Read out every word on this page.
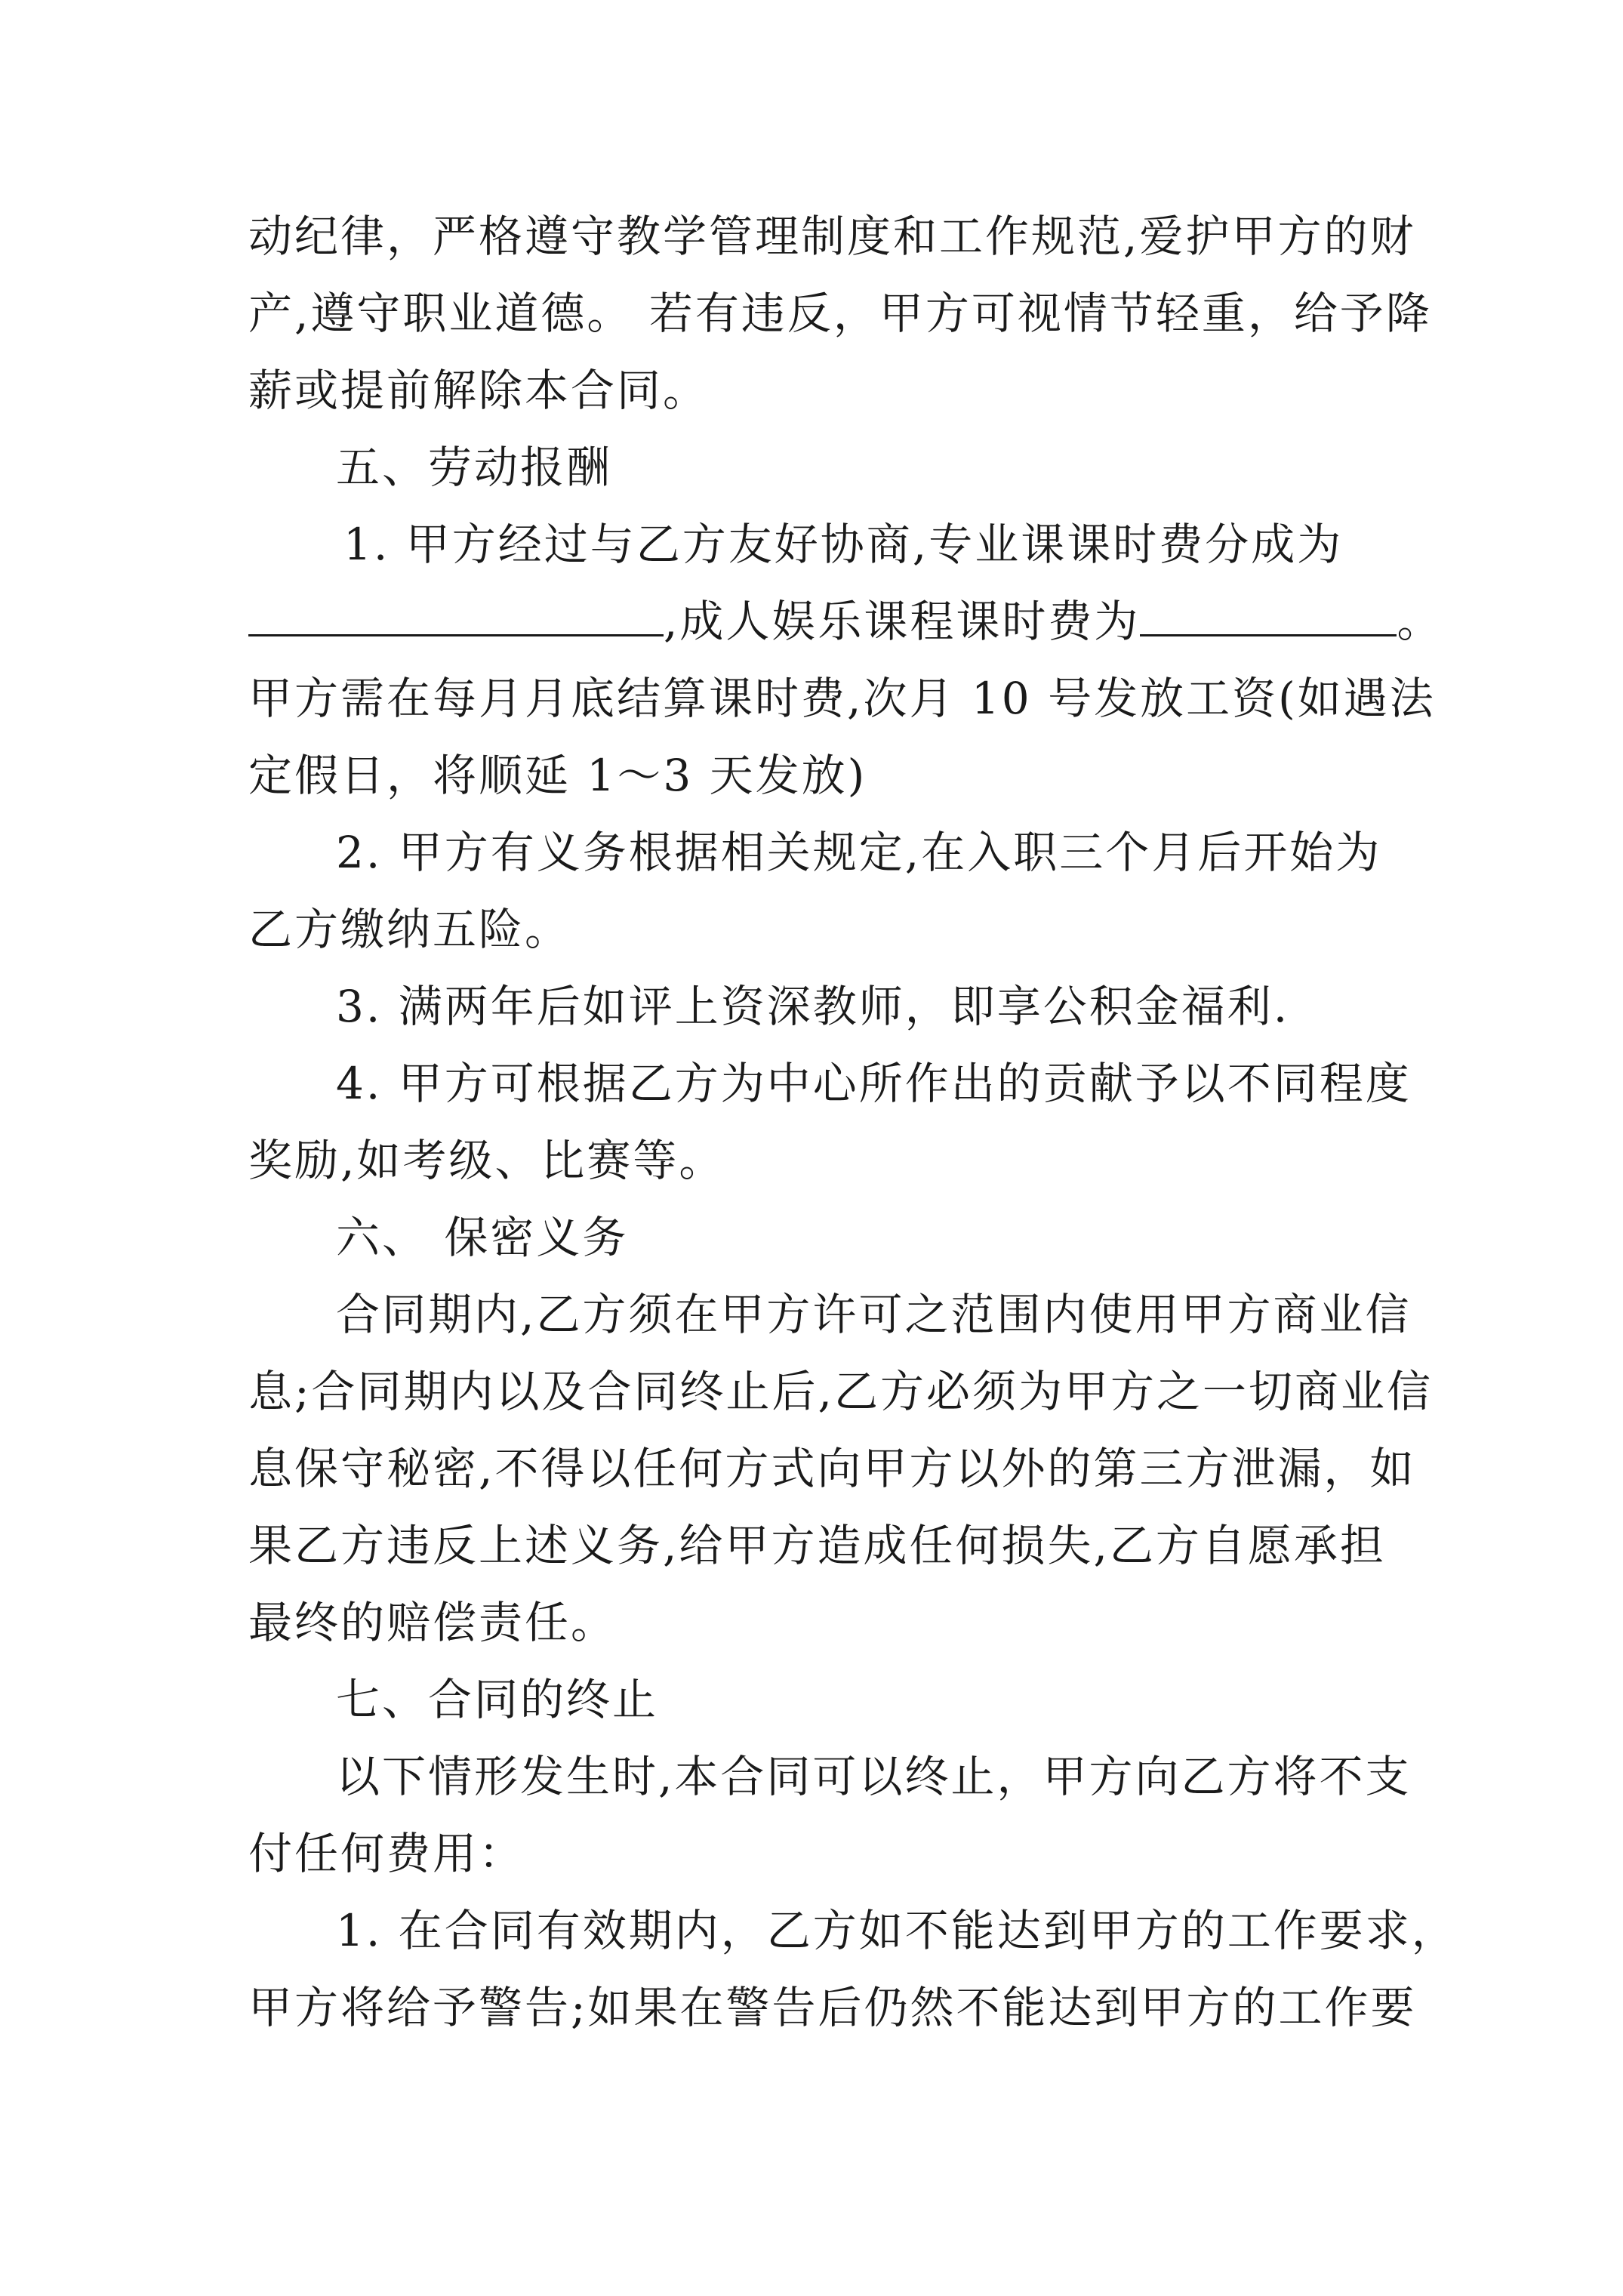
动纪律，严格遵守教学管理制度和工作规范,爱护甲方的财
产,遵守职业道德。 若有违反，甲方可视情节轻重，给予降
薪或提前解除本合同。
五、劳动报酬
1. 甲方经过与乙方友好协商,专业课课时费分成为
,成人娱乐课程课时费为	。
甲方需在每月月底结算课时费,次月 10 号发放工资(如遇法
定假日，将顺延 1～3 天发放)
2. 甲方有义务根据相关规定,在入职三个月后开始为
乙方缴纳五险。
3. 满两年后如评上资深教师，即享公积金福利.
4. 甲方可根据乙方为中心所作出的贡献予以不同程度
奖励,如考级、比赛等。
六、 保密义务
合同期内,乙方须在甲方许可之范围内使用甲方商业信
息;合同期内以及合同终止后,乙方必须为甲方之一切商业信
息保守秘密,不得以任何方式向甲方以外的第三方泄漏，如
果乙方违反上述义务,给甲方造成任何损失,乙方自愿承担
最终的赔偿责任。
七、合同的终止
以下情形发生时,本合同可以终止，甲方向乙方将不支
付任何费用：
1. 在合同有效期内，乙方如不能达到甲方的工作要求，
甲方将给予警告;如果在警告后仍然不能达到甲方的工作要
